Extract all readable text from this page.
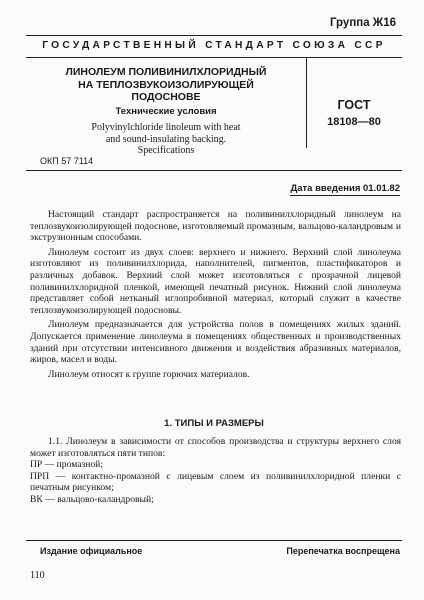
Группа Ж16
ГОСУДАРСТВЕННЫЙ СТАНДАРТ СОЮЗА ССР
ЛИНОЛЕУМ ПОЛИВИНИЛХЛОРИДНЫЙ
НА ТЕПЛОЗВУКОИЗОЛИРУЮЩЕЙ
ПОДОСНОВЕ
Технические условия
Polyvinylchloride linoleum with heat
and sound-insulating backing.
Specifications
ГОСТ
18108—80
ОКП 57 7114
Дата введения 01.01.82

Настоящий стандарт распространяется на поливинилхлоридный линолеум на теплозвукоизолирующей подоснове, изготовляемый промазным, вальцово-каландровым и экструзионным способами.

Линолеум состоит из двух слоев: верхнего и нижнего. Верхний слой линолеума изготовляют из поливинилхлорида, наполнителей, пигментов, пластификаторов и различных добавок. Верхний слой может изготовляться с прозрачной лицевой поливинилхлоридной пленкой, имеющей печатный рисунок. Нижний слой линолеума представляет собой нетканый иглопробивной материал, который служит в качестве теплозвукоизолирующей подосновы.

Линолеум предназначается для устройства полов в помещениях жилых зданий. Допускается применение линолеума в помещениях общественных и производственных зданий при отсутствии интенсивного движения и воздействия абразивных материалов, жиров, масел и воды.

Линолеум относят к группе горючих материалов.

1. ТИПЫ И РАЗМЕРЫ

1.1. Линолеум в зависимости от способов производства и структуры верхнего слоя может изготовляться пяти типов:

ПР — промазной;

ПРП — контактно-промазной с лицевым слоем из поливинилхлоридной пленки с печатным рисунком;

ВК — вальцово-каландровый;

Издание официальное	Перепечатка воспрещена
110
